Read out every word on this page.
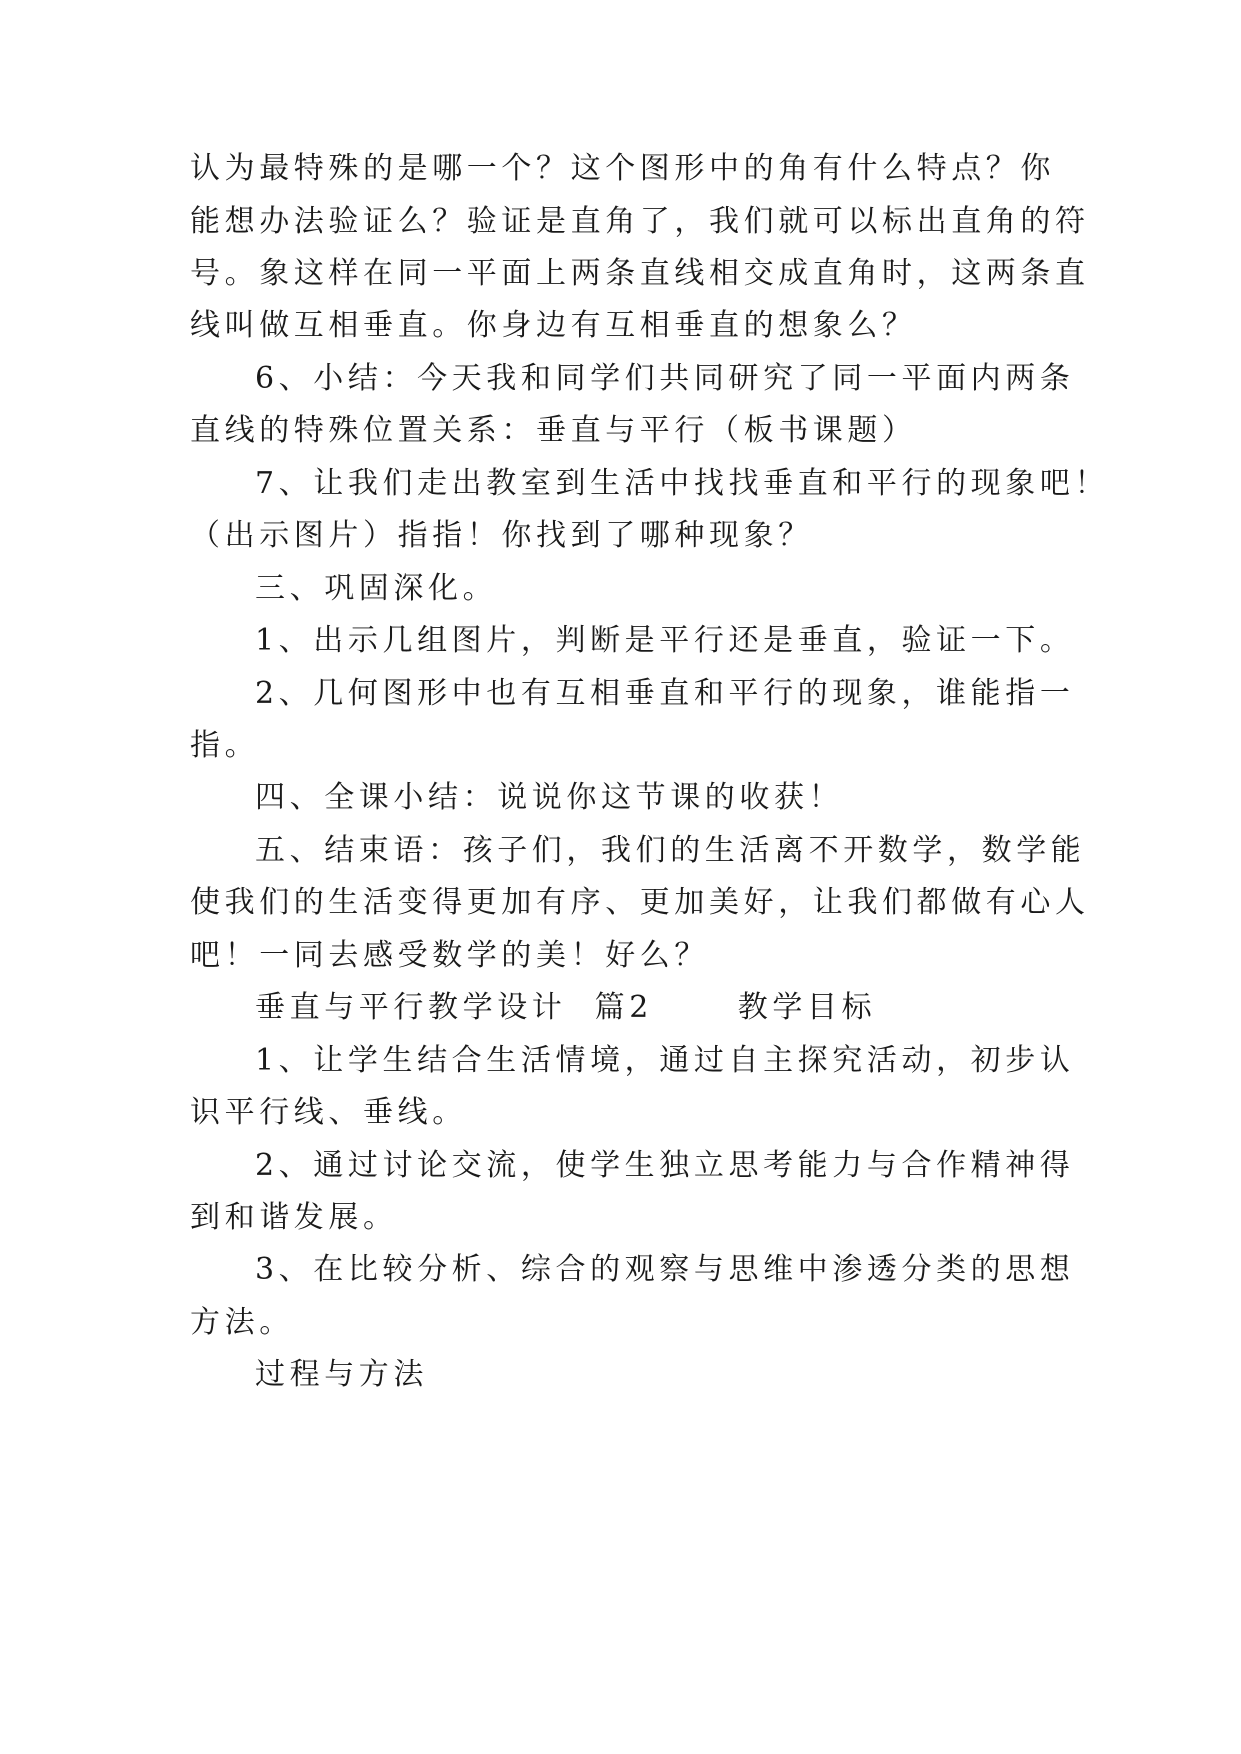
认为最特殊的是哪一个？这个图形中的角有什么特点？你
能想办法验证么？验证是直角了，我们就可以标出直角的符
号。象这样在同一平面上两条直线相交成直角时，这两条直
线叫做互相垂直。你身边有互相垂直的想象么？
6、小结：今天我和同学们共同研究了同一平面内两条
直线的特殊位置关系：垂直与平行（板书课题）
7、让我们走出教室到生活中找找垂直和平行的现象吧！
（出示图片）指指！你找到了哪种现象？
三、巩固深化。
1、出示几组图片，判断是平行还是垂直，验证一下。
2、几何图形中也有互相垂直和平行的现象，谁能指一
指。
四、全课小结：说说你这节课的收获！
五、结束语：孩子们，我们的生活离不开数学，数学能
使我们的生活变得更加有序、更加美好，让我们都做有心人
吧！一同去感受数学的美！好么？
垂直与平行教学设计  篇2      教学目标
1、让学生结合生活情境，通过自主探究活动，初步认
识平行线、垂线。
2、通过讨论交流，使学生独立思考能力与合作精神得
到和谐发展。
3、在比较分析、综合的观察与思维中渗透分类的思想
方法。
过程与方法
